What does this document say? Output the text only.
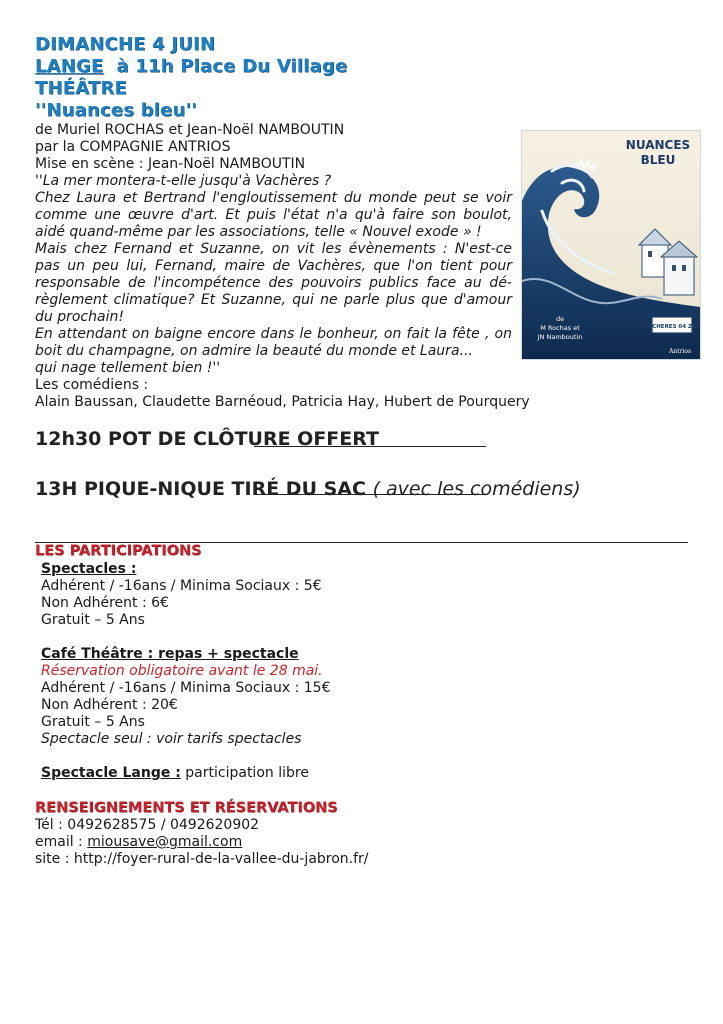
DIMANCHE 4 JUIN
LANGE à 11h Place Du Village
THÉÂTRE
''Nuances bleu''
de Muriel ROCHAS et Jean-Noël NAMBOUTIN
par la COMPAGNIE ANTRIOS
Mise en scène : Jean-Noël NAMBOUTIN
''La mer montera-t-elle jusqu'à Vachères ?
Chez Laura et Bertrand l'engloutissement du monde peut se voir comme une œuvre d'art. Et puis l'état n'a qu'à faire son boulot, aidé quand-même par les associations, telle « Nouvel exode » !
Mais chez Fernand et Suzanne, on vit les évènements : N'est-ce pas un peu lui, Fernand, maire de Vachères, que l'on tient pour responsable de l'incompétence des pouvoirs publics face au dé-règlement climatique? Et Suzanne, qui ne parle plus que d'amour du prochain!
En attendant on baigne encore dans le bonheur, on fait la fête , on boit du champagne, on admire la beauté du monde et Laura...
qui nage tellement bien !''
Les comédiens :
Alain Baussan, Claudette Barnéoud, Patricia Hay, Hubert de Pourquery
12h30 POT DE CLÔTURE OFFERT
13H PIQUE-NIQUE TIRÉ DU SAC ( avec les comédiens)
LES PARTICIPATIONS
Spectacles :
Adhérent / -16ans / Minima Sociaux : 5€
Non Adhérent : 6€
Gratuit – 5 Ans
Café Théâtre : repas + spectacle
Réservation obligatoire avant le 28 mai.
Adhérent / -16ans / Minima Sociaux : 15€
Non Adhérent : 20€
Gratuit – 5 Ans
Spectacle seul : voir tarifs spectacles
Spectacle Lange : participation libre
RENSEIGNEMENTS ET RÉSERVATIONS
Tél : 0492628575 / 0492620902
email : miousave@gmail.com
site : http://foyer-rural-de-la-vallee-du-jabron.fr/
VACHERES 04 ZZZ
NUANCES
BLEU
de
M Rochas et
JN Namboutin
Antrios
